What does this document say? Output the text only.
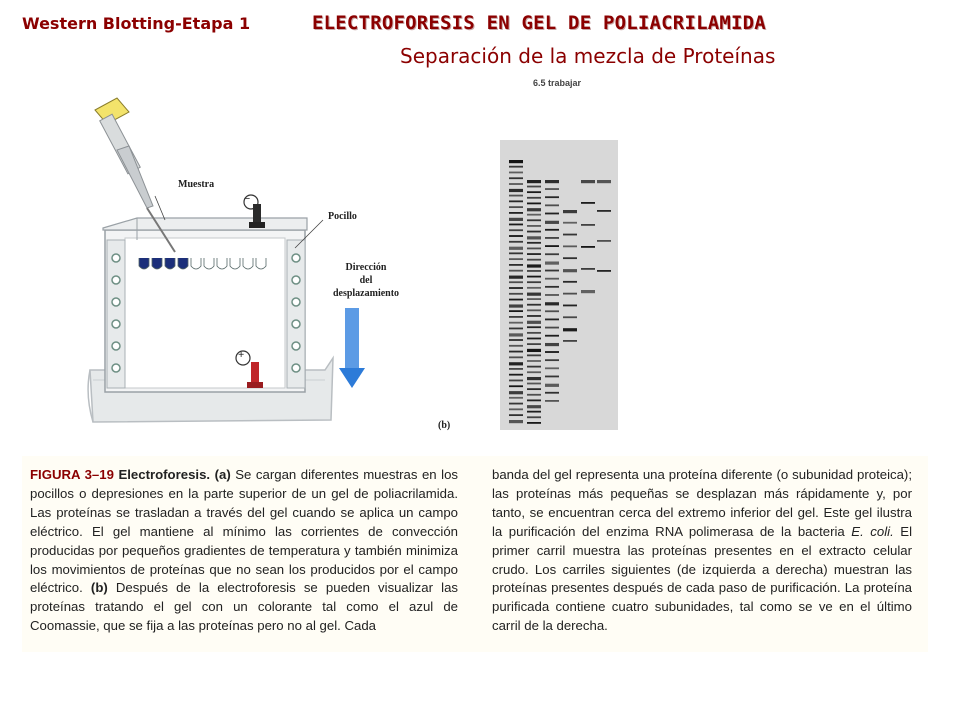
Western Blotting-Etapa 1	ELECTROFORESIS EN GEL DE POLIACRILAMIDA
Separación de la mezcla de Proteínas
Muestra
Pocillo
Dirección
del
desplazamiento
−
+
(b)
6.5 trabajar
FIGURA 3–19 Electroforesis. (a) Se cargan diferentes muestras en los pocillos o depresiones en la parte superior de un gel de poliacrilamida. Las proteínas se trasladan a través del gel cuando se aplica un campo eléctrico. El gel mantiene al mínimo las corrientes de convección producidas por pequeños gradientes de temperatura y también minimiza los movimientos de proteínas que no sean los producidos por el campo eléctrico. (b) Después de la electroforesis se pueden visualizar las proteínas tratando el gel con un colorante tal como el azul de Coomassie, que se fija a las proteínas pero no al gel. Cada
banda del gel representa una proteína diferente (o subunidad proteica); las proteínas más pequeñas se desplazan más rápidamente y, por tanto, se encuentran cerca del extremo inferior del gel. Este gel ilustra la purificación del enzima RNA polimerasa de la bacteria E. coli. El primer carril muestra las proteínas presentes en el extracto celular crudo. Los carriles siguientes (de izquierda a derecha) muestran las proteínas presentes después de cada paso de purificación. La proteína purificada contiene cuatro subunidades, tal como se ve en el último carril de la derecha.
